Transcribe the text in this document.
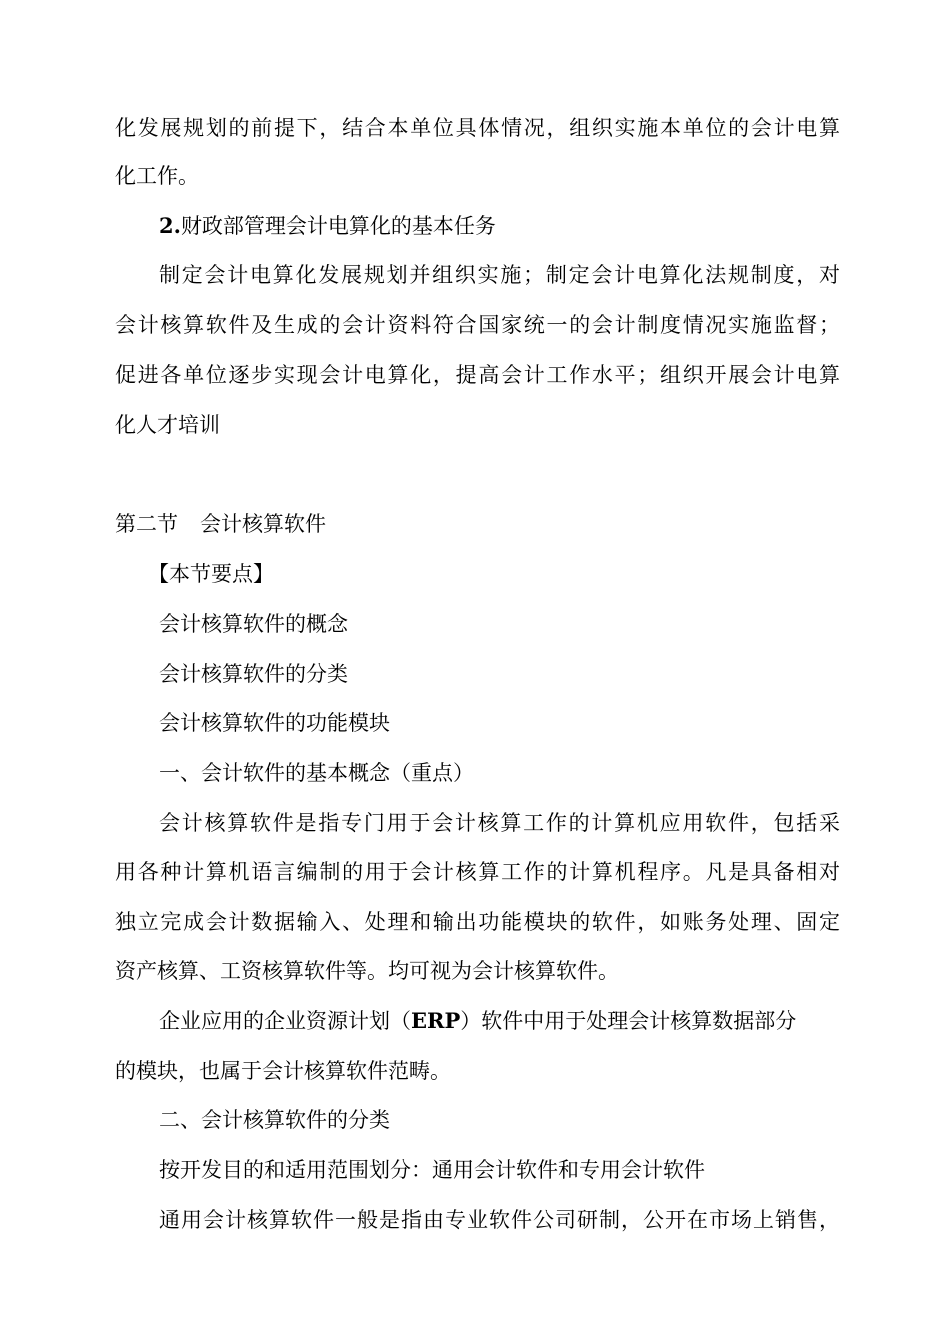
化发展规划的前提下，结合本单位具体情况，组织实施本单位的会计电算
化工作。
2.财政部管理会计电算化的基本任务
制定会计电算化发展规划并组织实施；制定会计电算化法规制度，对
会计核算软件及生成的会计资料符合国家统一的会计制度情况实施监督；
促进各单位逐步实现会计电算化，提高会计工作水平；组织开展会计电算
化人才培训
第二节 会计核算软件
【本节要点】
会计核算软件的概念
会计核算软件的分类
会计核算软件的功能模块
一、会计软件的基本概念（重点）
会计核算软件是指专门用于会计核算工作的计算机应用软件，包括采
用各种计算机语言编制的用于会计核算工作的计算机程序。凡是具备相对
独立完成会计数据输入、处理和输出功能模块的软件，如账务处理、固定
资产核算、工资核算软件等。均可视为会计核算软件。
企业应用的企业资源计划（ERP）软件中用于处理会计核算数据部分
的模块，也属于会计核算软件范畴。
二、会计核算软件的分类
按开发目的和适用范围划分：通用会计软件和专用会计软件
通用会计核算软件一般是指由专业软件公司研制，公开在市场上销售，
